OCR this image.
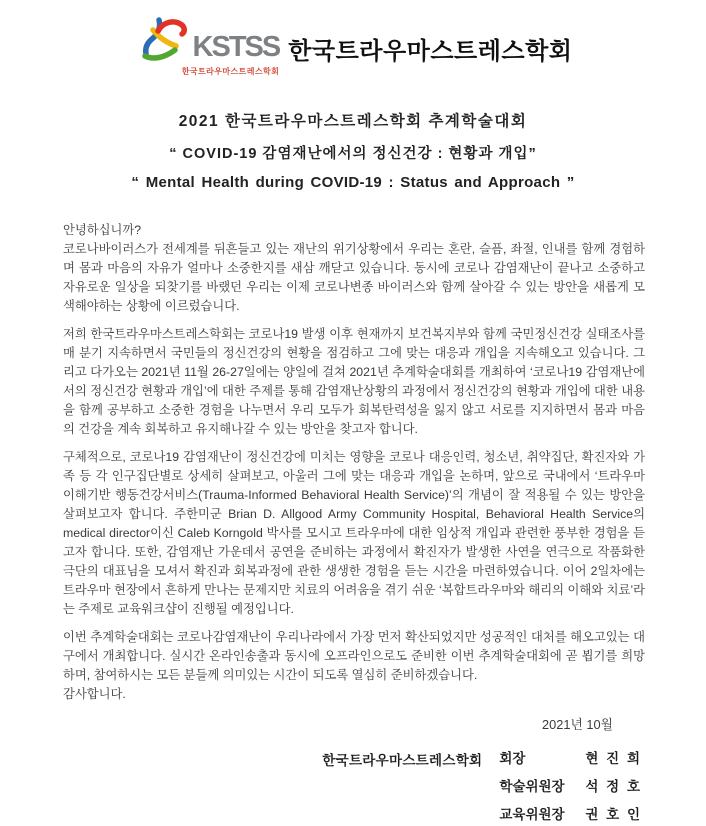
KSTSS
한국트라우마스트레스학회
한국트라우마스트레스학회
2021 한국트라우마스트레스학회 추계학술대회
“ COVID-19 감염재난에서의 정신건강 : 현황과 개입”
“ Mental Health during COVID-19 : Status and Approach ”
안녕하십니까?

코로나바이러스가 전세계를 뒤흔들고 있는 재난의 위기상황에서 우리는 혼란, 슬픔, 좌절, 인내를 함께 경험하며 몸과 마음의 자유가 얼마나 소중한지를 새삼 깨닫고 있습니다. 동시에 코로나 감염재난이 끝나고 소중하고 자유로운 일상을 되찾기를 바랬던 우리는 이제 코로나변종 바이러스와 함께 살아갈 수 있는 방안을 새롭게 모색해야하는 상황에 이르렀습니다.

저희 한국트라우마스트레스학회는 코로나19 발생 이후 현재까지 보건복지부와 함께 국민정신건강 실태조사를 매 분기 지속하면서 국민들의 정신건강의 현황을 점검하고 그에 맞는 대응과 개입을 지속해오고 있습니다. 그리고 다가오는 2021년 11월 26-27일에는 양일에 걸쳐 2021년 추계학술대회를 개최하여 ‘코로나19 감염재난에서의 정신건강 현황과 개입’에 대한 주제를 통해 감염재난상황의 과정에서 정신건강의 현황과 개입에 대한 내용을 함께 공부하고 소중한 경험을 나누면서 우리 모두가 회복탄력성을 잃지 않고 서로를 지지하면서 몸과 마음의 건강을 계속 회복하고 유지해나갈 수 있는 방안을 찾고자 합니다.

구체적으로, 코로나19 감염재난이 정신건강에 미치는 영향을 코로나 대응인력, 청소년, 취약집단, 확진자와 가족 등 각 인구집단별로 상세히 살펴보고, 아울러 그에 맞는 대응과 개입을 논하며, 앞으로 국내에서 ‘트라우마 이해기반 행동건강서비스(Trauma-Informed Behavioral Health Service)’의 개념이 잘 적용될 수 있는 방안을 살펴보고자 합니다. 주한미군 Brian D. Allgood Army Community Hospital, Behavioral Health Service의 medical director이신 Caleb Korngold 박사를 모시고 트라우마에 대한 임상적 개입과 관련한 풍부한 경험을 듣고자 합니다. 또한, 감염재난 가운데서 공연을 준비하는 과정에서 확진자가 발생한 사연을 연극으로 작품화한 극단의 대표님을 모셔서 확진과 회복과정에 관한 생생한 경험을 듣는 시간을 마련하였습니다. 이어 2일차에는 트라우마 현장에서 흔하게 만나는 문제지만 치료의 어려움을 겪기 쉬운 ‘복합트라우마와 해리의 이해와 치료’라는 주제로 교육워크샵이 진행될 예정입니다.

이번 추계학술대회는 코로나감염재난이 우리나라에서 가장 먼저 확산되었지만 성공적인 대처를 해오고있는 대구에서 개최합니다. 실시간 온라인송출과 동시에 오프라인으로도 준비한 이번 추계학술대회에 곧 뵙기를 희망하며, 참여하시는 모든 분들께 의미있는 시간이 되도록 열심히 준비하겠습니다.

감사합니다.
2021년 10월
한국트라우마스트레스학회 회장	현 진 희
학술위원장	석 정 호
교육위원장	권 호 인
